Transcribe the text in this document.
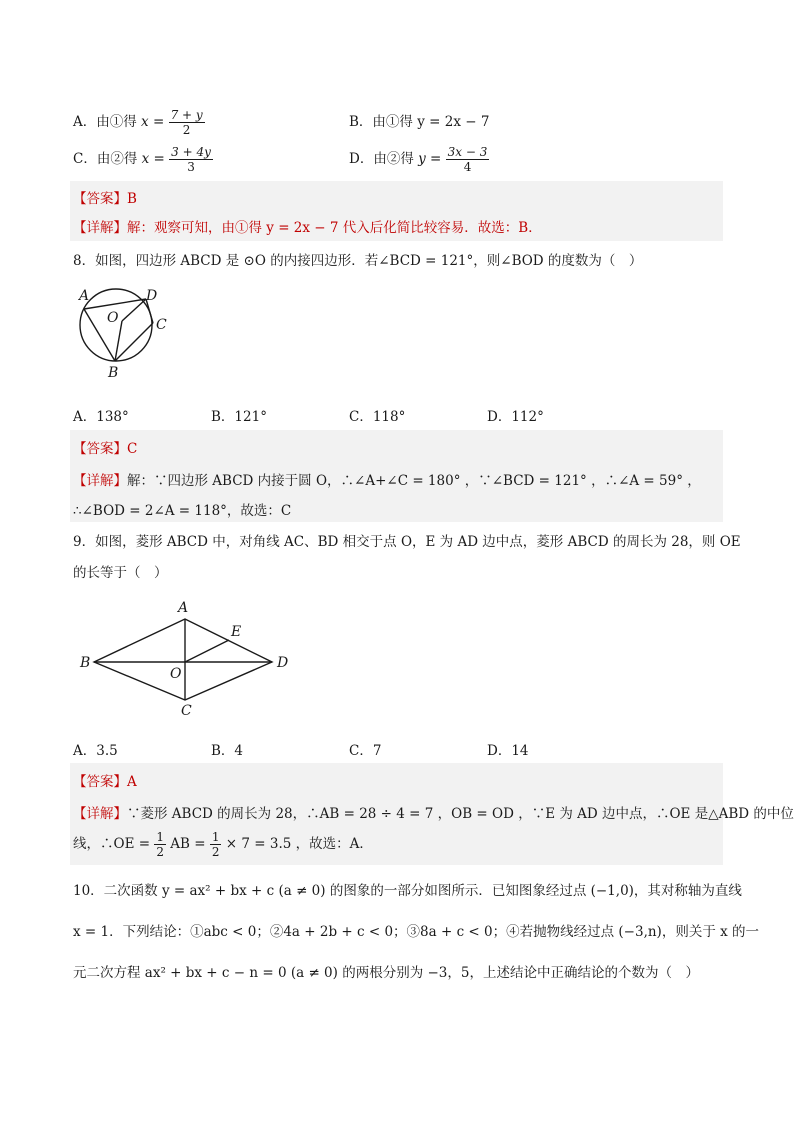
A．由①得 $x = \frac{7 + y}{2}$	B．由①得 y = 2x − 7
C．由②得 $x = \frac{3 + 4y}{3}$	D．由②得 $y = \frac{3x - 3}{4}$
【答案】B
【详解】解：观察可知，由①得 y = 2x − 7 代入后化简比较容易．故选：B．
8．如图，四边形 ABCD 是 ⊙O 的内接四边形．若∠BCD = 121°，则∠BOD 的度数为（　）
A	D
O	C
B
A．138°	B．121°	C．118°	D．112°
【答案】C
【详解】解：∵四边形 ABCD 内接于圆 O，∴∠A+∠C = 180° ，∵∠BCD = 121° ，∴∠A = 59° ，
∴∠BOD = 2∠A = 118°，故选：C
9．如图，菱形 ABCD 中，对角线 AC、BD 相交于点 O，E 为 AD 边中点，菱形 ABCD 的周长为 28，则 OE
的长等于（　）
A
E
B	D
O
C
A．3.5	B．4	C．7	D．14
【答案】A
【详解】∵菱形 ABCD 的周长为 28，∴AB = 28 ÷ 4 = 7 ，OB = OD ，∵E 为 AD 边中点，∴OE 是△ABD 的中位
线，∴OE = $\frac{1}{2}$ AB = $\frac{1}{2} \times 7 = 3.5$ ，故选：A．
10．二次函数 y = ax² + bx + c (a ≠ 0) 的图象的一部分如图所示．已知图象经过点 (−1,0)，其对称轴为直线
x = 1．下列结论：①abc < 0；②4a + 2b + c < 0；③8a + c < 0；④若抛物线经过点 (−3,n)，则关于 x 的一
元二次方程 ax² + bx + c − n = 0 (a ≠ 0) 的两根分别为 −3，5，上述结论中正确结论的个数为（　）
